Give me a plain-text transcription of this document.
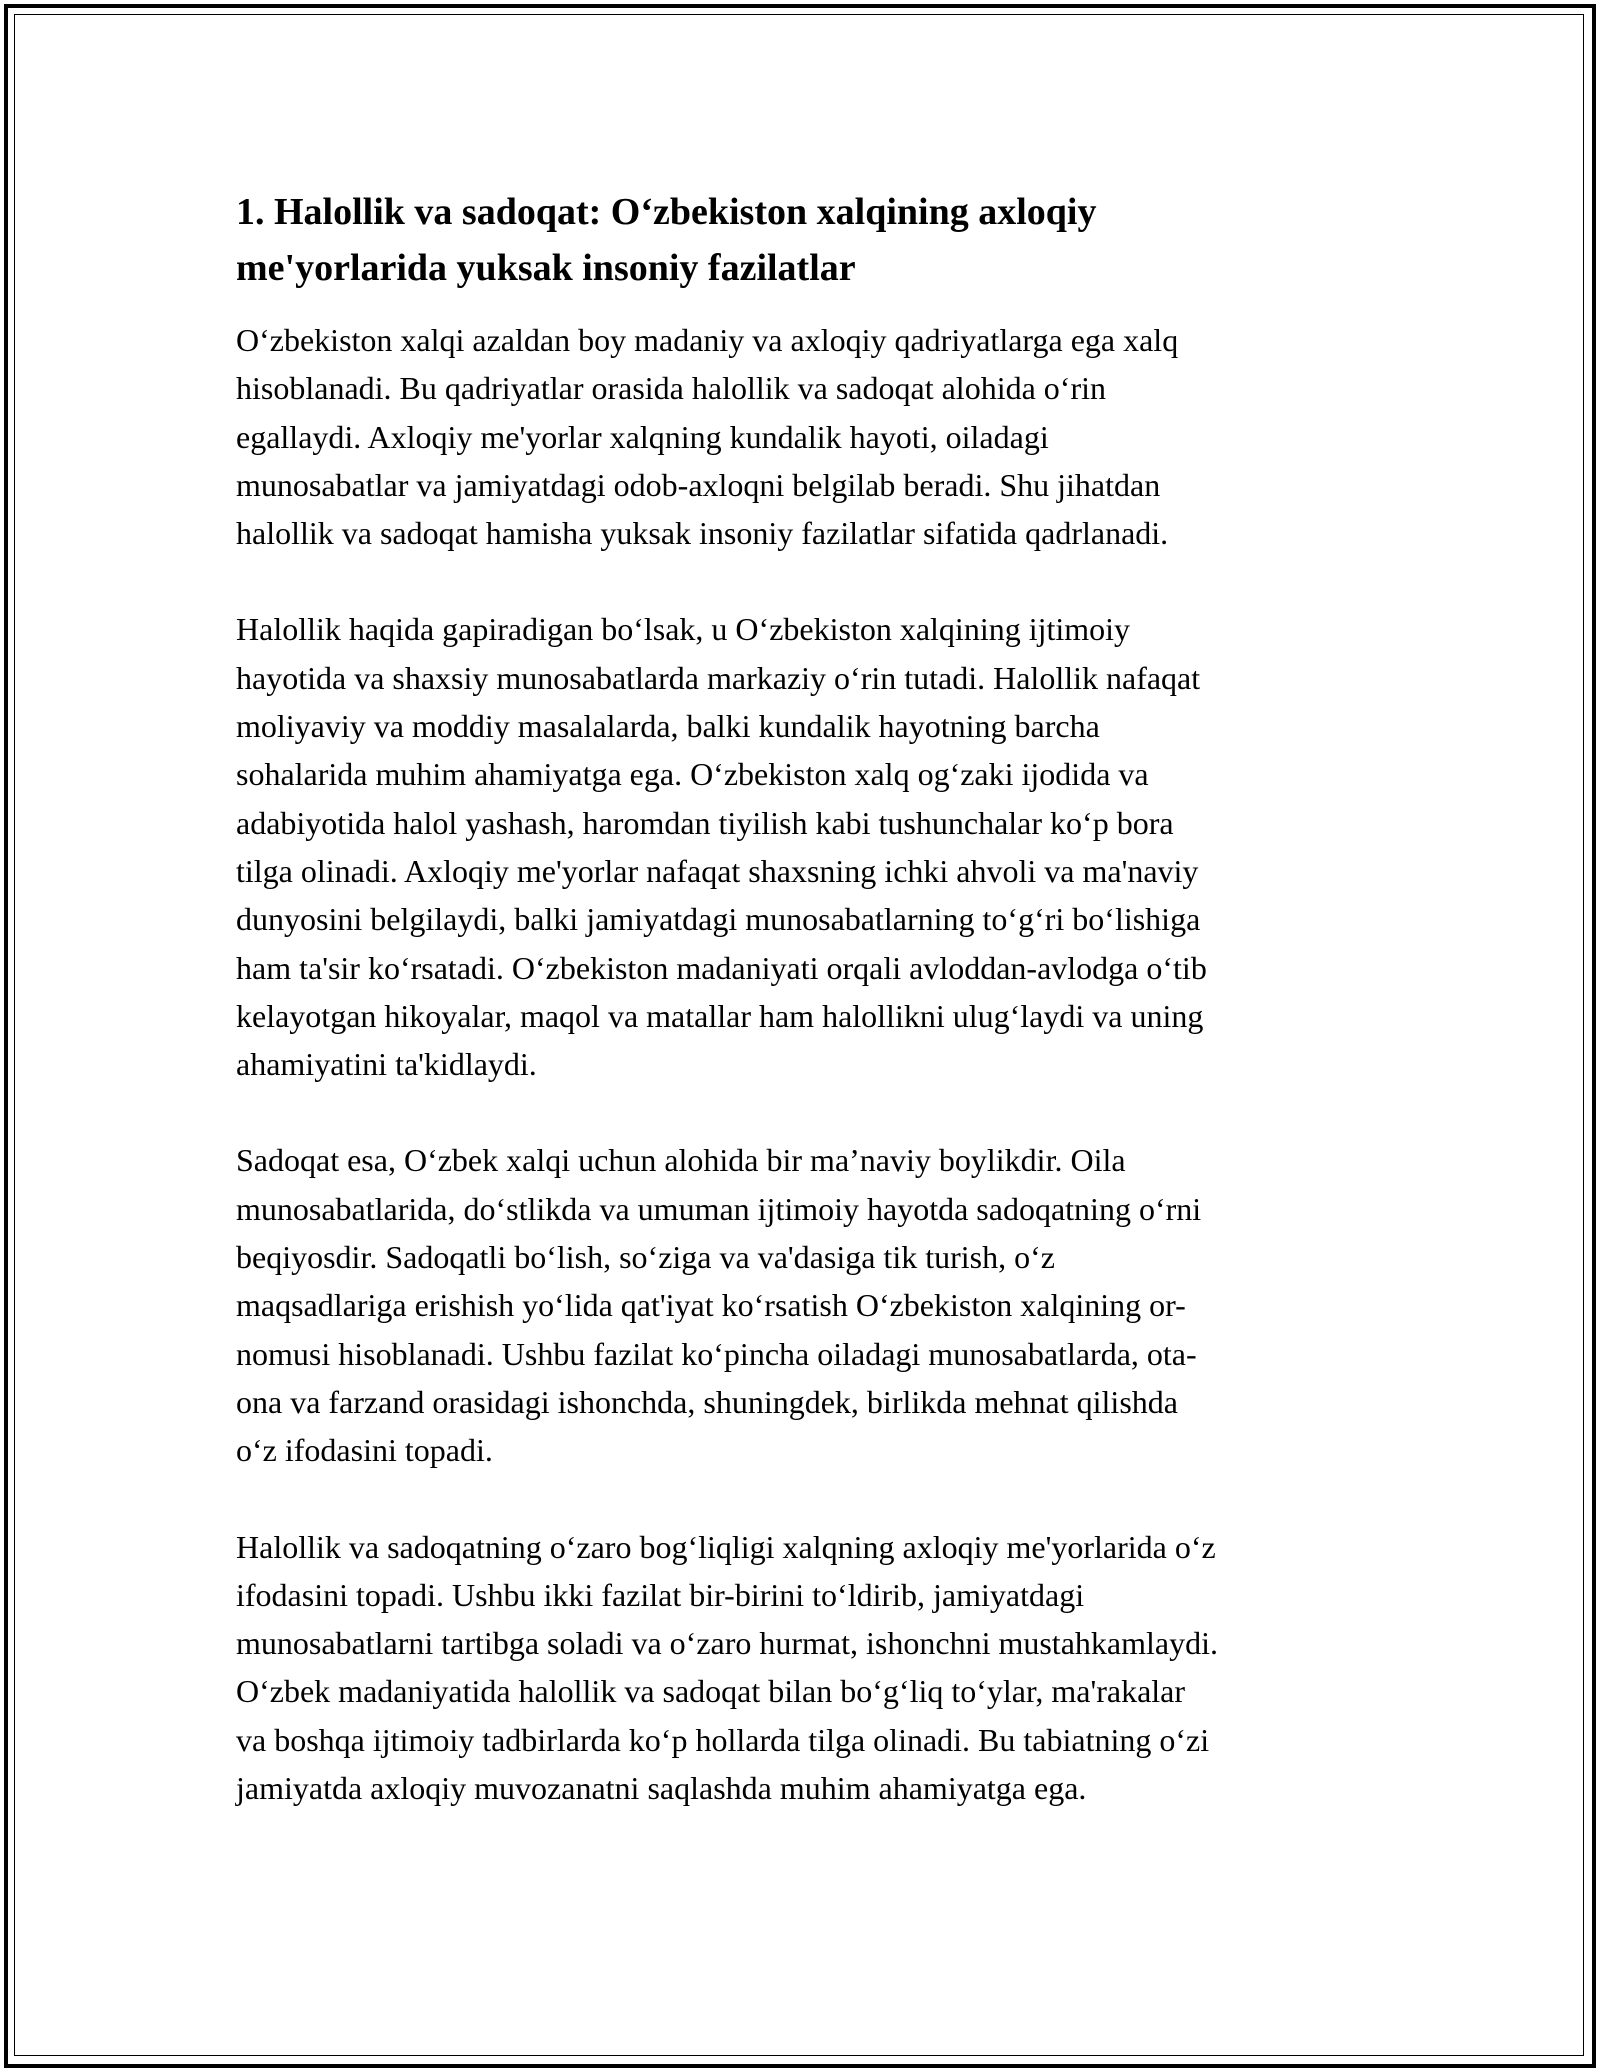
1. Halollik va sadoqat: O‘zbekiston xalqining axloqiy
me'yorlarida yuksak insoniy fazilatlar

O‘zbekiston xalqi azaldan boy madaniy va axloqiy qadriyatlarga ega xalq
hisoblanadi. Bu qadriyatlar orasida halollik va sadoqat alohida o‘rin
egallaydi. Axloqiy me'yorlar xalqning kundalik hayoti, oiladagi
munosabatlar va jamiyatdagi odob-axloqni belgilab beradi. Shu jihatdan
halollik va sadoqat hamisha yuksak insoniy fazilatlar sifatida qadrlanadi.

Halollik haqida gapiradigan bo‘lsak, u O‘zbekiston xalqining ijtimoiy
hayotida va shaxsiy munosabatlarda markaziy o‘rin tutadi. Halollik nafaqat
moliyaviy va moddiy masalalarda, balki kundalik hayotning barcha
sohalarida muhim ahamiyatga ega. O‘zbekiston xalq og‘zaki ijodida va
adabiyotida halol yashash, haromdan tiyilish kabi tushunchalar ko‘p bora
tilga olinadi. Axloqiy me'yorlar nafaqat shaxsning ichki ahvoli va ma'naviy
dunyosini belgilaydi, balki jamiyatdagi munosabatlarning to‘g‘ri bo‘lishiga
ham ta'sir ko‘rsatadi. O‘zbekiston madaniyati orqali avloddan-avlodga o‘tib
kelayotgan hikoyalar, maqol va matallar ham halollikni ulug‘laydi va uning
ahamiyatini ta'kidlaydi.

Sadoqat esa, O‘zbek xalqi uchun alohida bir ma’naviy boylikdir. Oila
munosabatlarida, do‘stlikda va umuman ijtimoiy hayotda sadoqatning o‘rni
beqiyosdir. Sadoqatli bo‘lish, so‘ziga va va'dasiga tik turish, o‘z
maqsadlariga erishish yo‘lida qat'iyat ko‘rsatish O‘zbekiston xalqining or-
nomusi hisoblanadi. Ushbu fazilat ko‘pincha oiladagi munosabatlarda, ota-
ona va farzand orasidagi ishonchda, shuningdek, birlikda mehnat qilishda
o‘z ifodasini topadi.

Halollik va sadoqatning o‘zaro bog‘liqligi xalqning axloqiy me'yorlarida o‘z
ifodasini topadi. Ushbu ikki fazilat bir-birini to‘ldirib, jamiyatdagi
munosabatlarni tartibga soladi va o‘zaro hurmat, ishonchni mustahkamlaydi.
O‘zbek madaniyatida halollik va sadoqat bilan bo‘g‘liq to‘ylar, ma'rakalar
va boshqa ijtimoiy tadbirlarda ko‘p hollarda tilga olinadi. Bu tabiatning o‘zi
jamiyatda axloqiy muvozanatni saqlashda muhim ahamiyatga ega.
